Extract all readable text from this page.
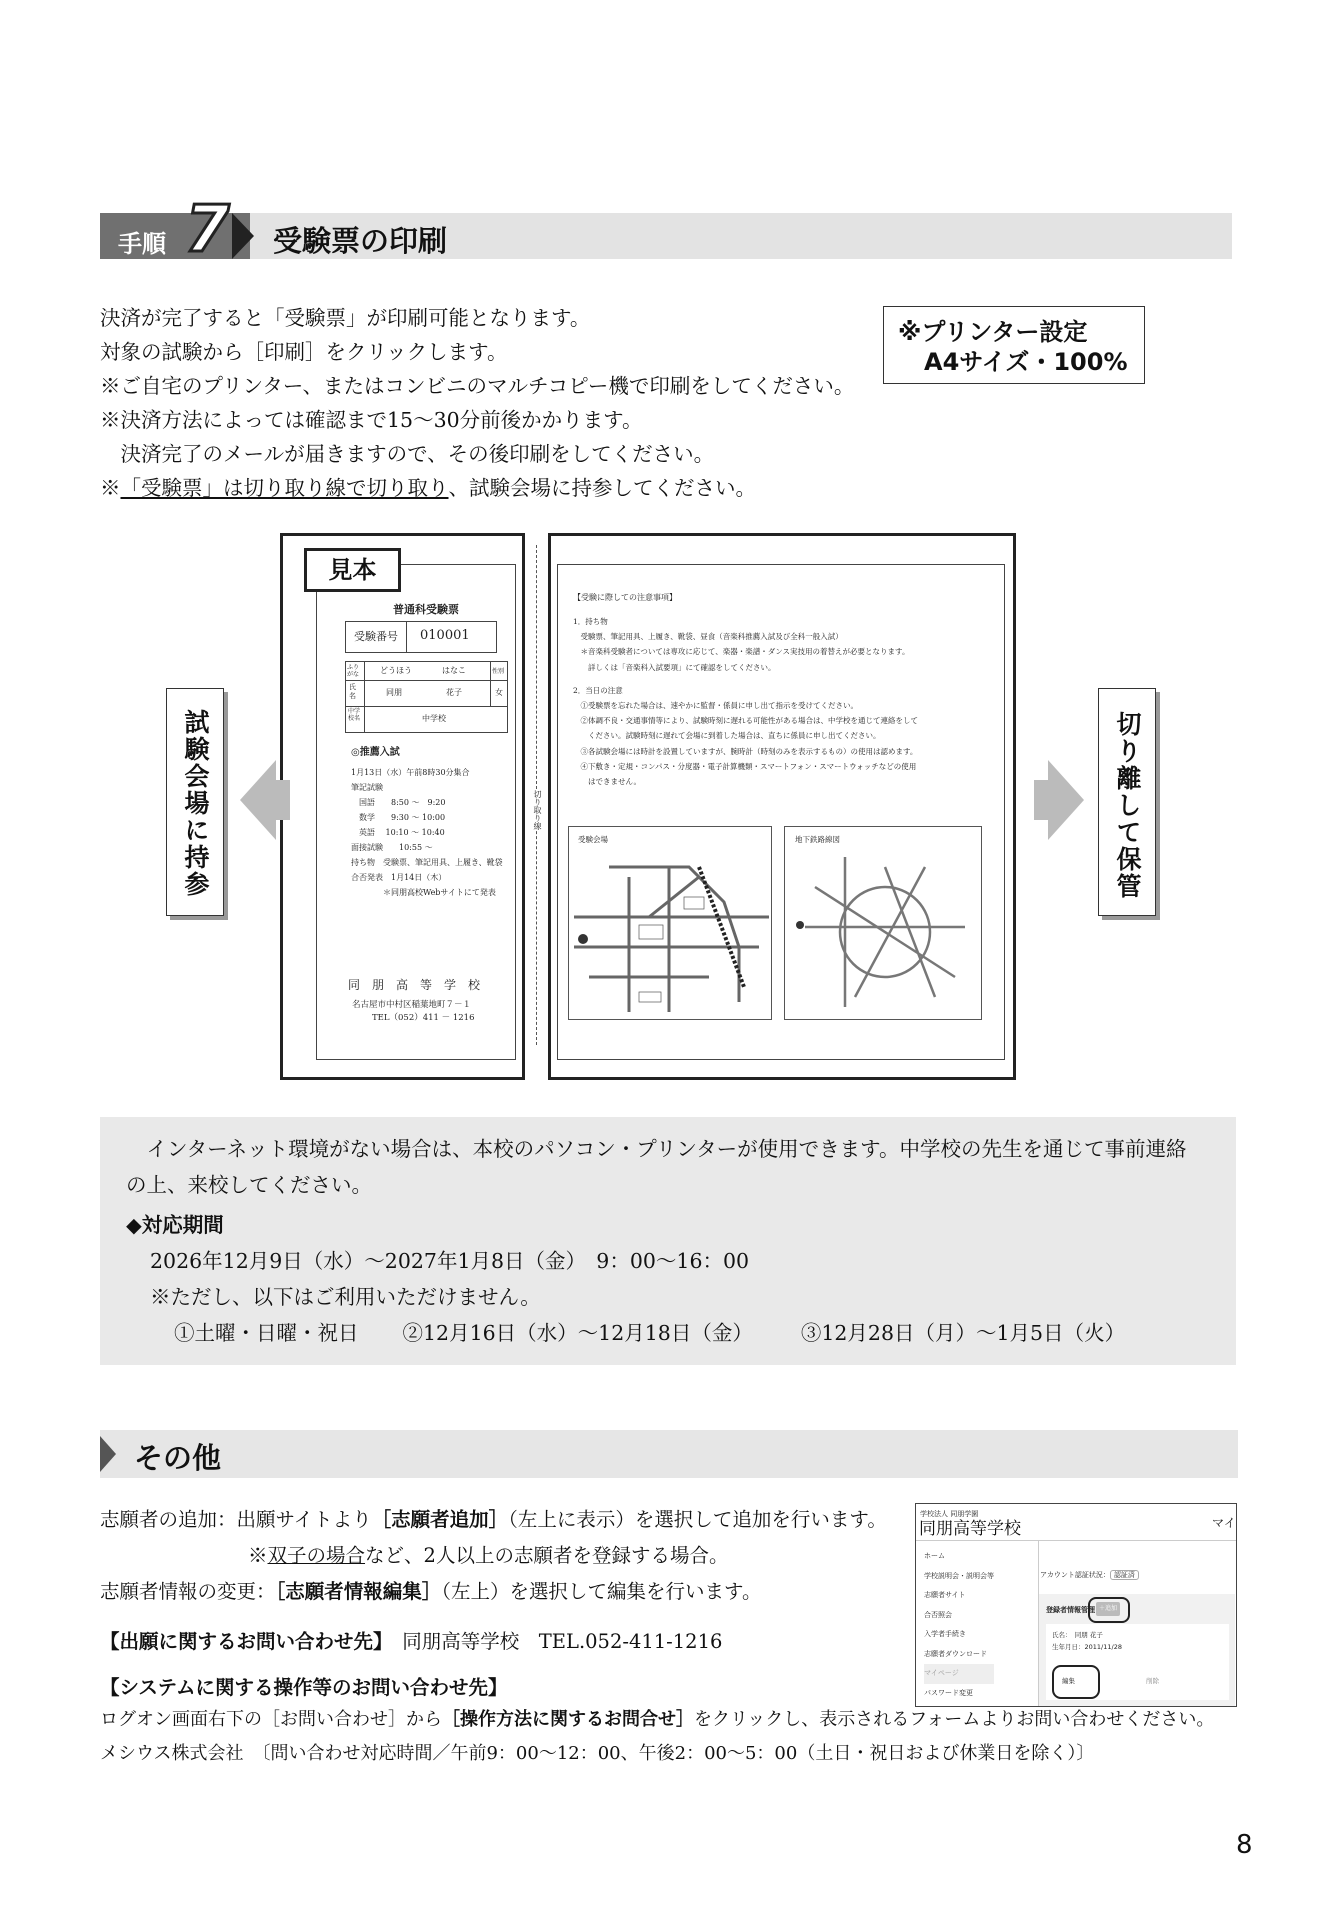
手順 7 受験票の印刷

決済が完了すると「受験票」が印刷可能となります。

対象の試験から［印刷］をクリックします。

※ご自宅のプリンター、またはコンビニのマルチコピー機で印刷をしてください。

※決済方法によっては確認まで15～30分前後かかります。

　決済完了のメールが届きますので、その後印刷をしてください。

※「受験票」は切り取り線で切り取り、試験会場に持参してください。

※プリンター設定
A4サイズ・100%
切り取り線
見本
普通科受験票
受験番号 010001
ふりがな	どうほう	はなこ	性別
氏名	同朋	花子	女
中学校名	中学校
◎推薦入試
1月13日（水）午前8時30分集合
筆記試験
　国語　　8:50 ～　9:20
　数学　　9:30 ～ 10:00
　英語　 10:10 ～ 10:40
面接試験　　10:55 ～
持ち物　受験票、筆記用具、上履き、靴袋
合否発表　1月14日（木）
　　　　＊同朋高校Webサイトにて発表
同　朋　高　等　学　校
名古屋市中村区稲葉地町７－１
TEL（052）411 － 1216
【受験に際しての注意事項】
1．持ち物
　受験票、筆記用具、上履き、靴袋、昼食（音楽科推薦入試及び全科一般入試）
　＊音楽科受験者については専攻に応じて、楽器・楽譜・ダンス実技用の着替えが必要となります。
　　詳しくは「音楽科入試要項」にて確認をしてください。
2．当日の注意
　①受験票を忘れた場合は、速やかに監督・係員に申し出て指示を受けてください。
　②体調不良・交通事情等により、試験時刻に遅れる可能性がある場合は、中学校を通じて連絡をして
　　ください。試験時刻に遅れて会場に到着した場合は、直ちに係員に申し出てください。
　③各試験会場には時計を設置していますが、腕時計（時刻のみを表示するもの）の使用は認めます。
　④下敷き・定規・コンパス・分度器・電子計算機類・スマートフォン・スマートウォッチなどの使用
　　はできません。
受験会場	地下鉄路線図
試験会場に持参	切り離して保管

　インターネット環境がない場合は、本校のパソコン・プリンターが使用できます。中学校の先生を通じて事前連絡

の上、来校してください。

◆対応期間

2026年12月9日（水）～2027年1月8日（金）　9：00～16：00

※ただし、以下はご利用いただけません。

①土曜・日曜・祝日 ②12月16日（水）～12月18日（金） ③12月28日（月）～1月5日（火）

その他

志願者の追加：出願サイトより［志願者追加］（左上に表示）を選択して追加を行います。

※双子の場合など、2人以上の志願者を登録する場合。

志願者情報の変更：［志願者情報編集］（左上）を選択して編集を行います。

【出願に関するお問い合わせ先】　同朋高等学校　TEL.052-411-1216

【システムに関する操作等のお問い合わせ先】

ログオン画面右下の［お問い合わせ］から［操作方法に関するお問合せ］をクリックし、表示されるフォームよりお問い合わせください。

メシウス株式会社　〔問い合わせ対応時間／午前9：00～12：00、午後2：00～5：00（土日・祝日および休業日を除く）〕

学校法人 同朋学園
同朋高等学校	マイ
ホーム
学校説明会・説明会等
志願者サイト
合否照会
入学者手続き
志願者ダウンロード
マイページ
パスワード変更
アカウント認証状況： 認証済
登録者情報管理 ＋追加
氏名：　 同朋 花子
生年月日：2011/11/28
編集	削除
8
